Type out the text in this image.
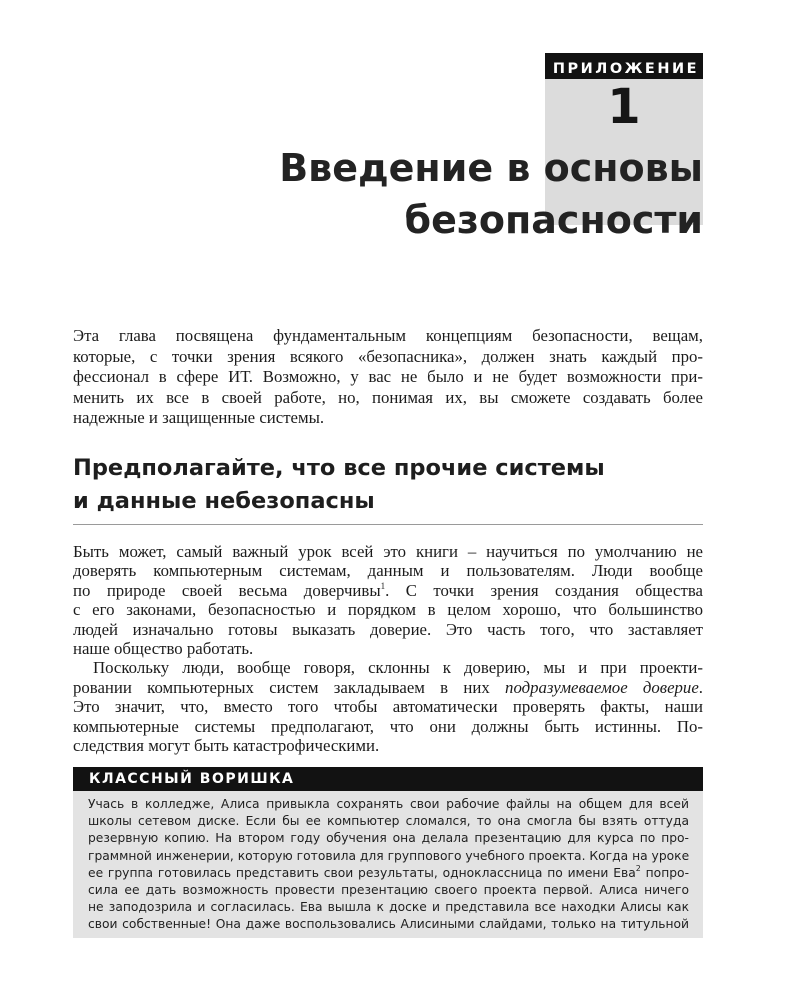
ПРИЛОЖЕНИЕ
1
Введение в основы
безопасности
Эта глава посвящена фундаментальным концепциям безопасности, вещам,
которые, с точки зрения всякого «безопасника», должен знать каждый про-
фессионал в сфере ИТ. Возможно, у вас не было и не будет возможности при-
менить их все в своей работе, но, понимая их, вы сможете создавать более
надежные и защищенные системы.
Предполагайте, что все прочие системы
и данные небезопасны
Быть может, самый важный урок всей это книги – научиться по умолчанию не
доверять компьютерным системам, данным и пользователям. Люди вообще
по природе своей весьма доверчивы$^1$. С точки зрения создания общества
с его законами, безопасностью и порядком в целом хорошо, что большинство
людей изначально готовы выказать доверие. Это часть того, что заставляет
наше общество работать.
Поскольку люди, вообще говоря, склонны к доверию, мы и при проекти-
ровании компьютерных систем закладываем в них подразумеваемое доверие.
Это значит, что, вместо того чтобы автоматически проверять факты, наши
компьютерные системы предполагают, что они должны быть истинны. По-
следствия могут быть катастрофическими.
КЛАССНЫЙ ВОРИШКА
Учась в колледже, Алиса привыкла сохранять свои рабочие файлы на общем для всей
школы сетевом диске. Если бы ее компьютер сломался, то она смогла бы взять оттуда
резервную копию. На втором году обучения она делала презентацию для курса по про-
граммной инженерии, которую готовила для группового учебного проекта. Когда на уроке
ее группа готовилась представить свои результаты, одноклассница по имени Ева$^2$ попро-
сила ее дать возможность провести презентацию своего проекта первой. Алиса ничего
не заподозрила и согласилась. Ева вышла к доске и представила все находки Алисы как
свои собственные! Она даже воспользовались Алисиными слайдами, только на титульной
